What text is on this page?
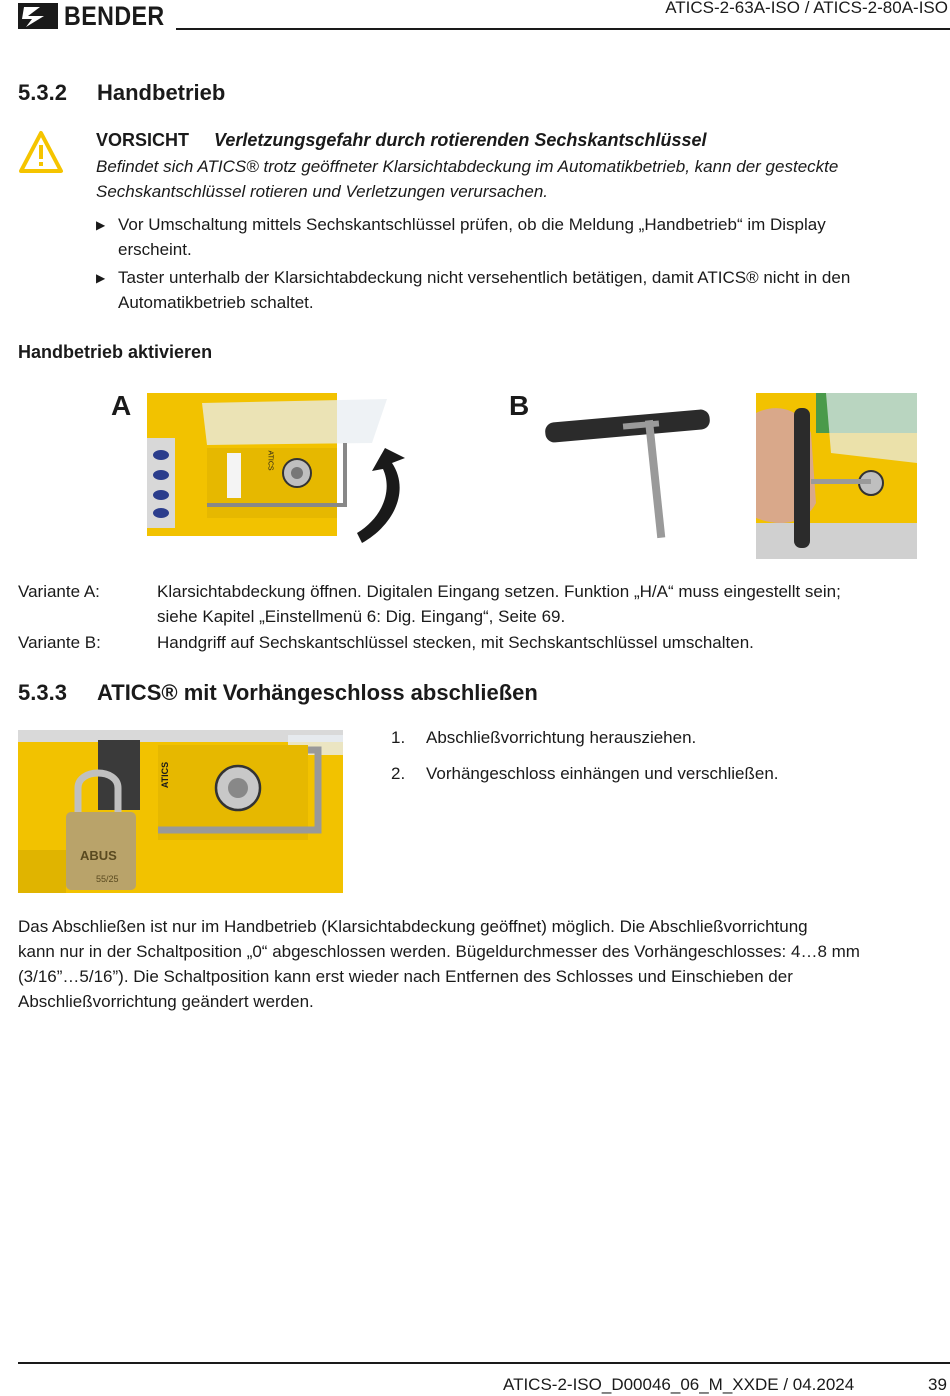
BENDER	ATICS-2-63A-ISO / ATICS-2-80A-ISO
5.3.2 Handbetrieb
VORSICHT Verletzungsgefahr durch rotierenden Sechskantschlüssel
Befindet sich ATICS® trotz geöffneter Klarsichtabdeckung im Automatikbetrieb, kann der gesteckte
Sechskantschlüssel rotieren und Verletzungen verursachen.
▶ Vor Umschaltung mittels Sechskantschlüssel prüfen, ob die Meldung „Handbetrieb“ im Display
erscheint.
▶ Taster unterhalb der Klarsichtabdeckung nicht versehentlich betätigen, damit ATICS® nicht in den
Automatikbetrieb schaltet.
Handbetrieb aktivieren
A	B
ATICS
Variante A:	Klarsichtabdeckung öffnen. Digitalen Eingang setzen. Funktion „H/A“ muss eingestellt sein;
siehe Kapitel „Einstellmenü 6: Dig. Eingang“, Seite 69.
Variante B:	Handgriff auf Sechskantschlüssel stecken, mit Sechskantschlüssel umschalten.
5.3.3 ATICS® mit Vorhängeschloss abschließen
ATICS
ABUS
55/25
1.	Abschließvorrichtung herausziehen.
2.	Vorhängeschloss einhängen und verschließen.
Das Abschließen ist nur im Handbetrieb (Klarsichtabdeckung geöffnet) möglich. Die Abschließvorrichtung
kann nur in der Schaltposition „0“ abgeschlossen werden. Bügeldurchmesser des Vorhängeschlosses: 4…8 mm
(3/16”…5/16”). Die Schaltposition kann erst wieder nach Entfernen des Schlosses und Einschieben der
Abschließvorrichtung geändert werden.
ATICS-2-ISO_D00046_06_M_XXDE / 04.2024	39
